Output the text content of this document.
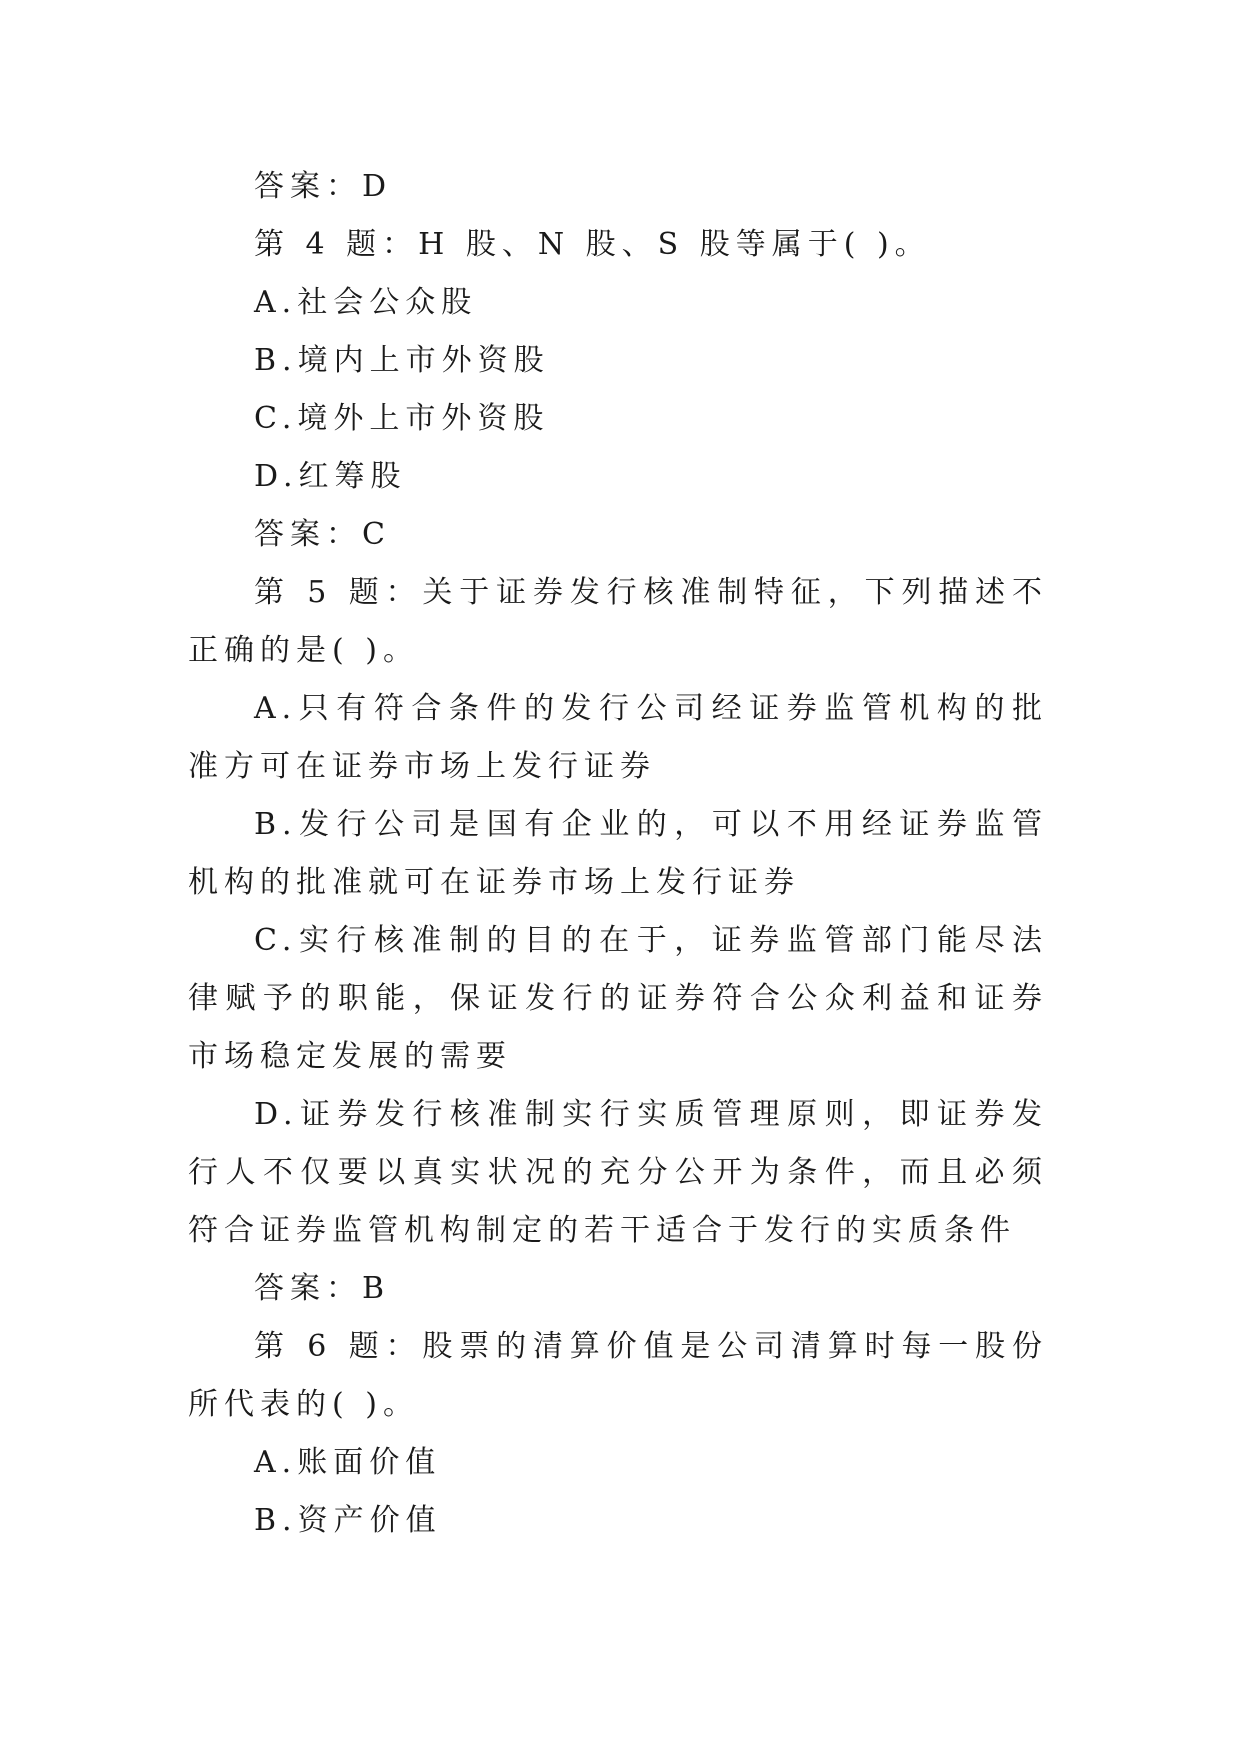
答案：D
第 4 题：H 股、N 股、S 股等属于( )。
A.社会公众股
B.境内上市外资股
C.境外上市外资股
D.红筹股
答案：C
第 5 题：关于证券发行核准制特征，下列描述不正确的是( )。
A.只有符合条件的发行公司经证券监管机构的批准方可在证券市场上发行证券
B.发行公司是国有企业的，可以不用经证券监管机构的批准就可在证券市场上发行证券
C.实行核准制的目的在于，证券监管部门能尽法律赋予的职能，保证发行的证券符合公众利益和证券市场稳定发展的需要
D.证券发行核准制实行实质管理原则，即证券发行人不仅要以真实状况的充分公开为条件，而且必须符合证券监管机构制定的若干适合于发行的实质条件
答案：B
第 6 题：股票的清算价值是公司清算时每一股份所代表的( )。
A.账面价值
B.资产价值
